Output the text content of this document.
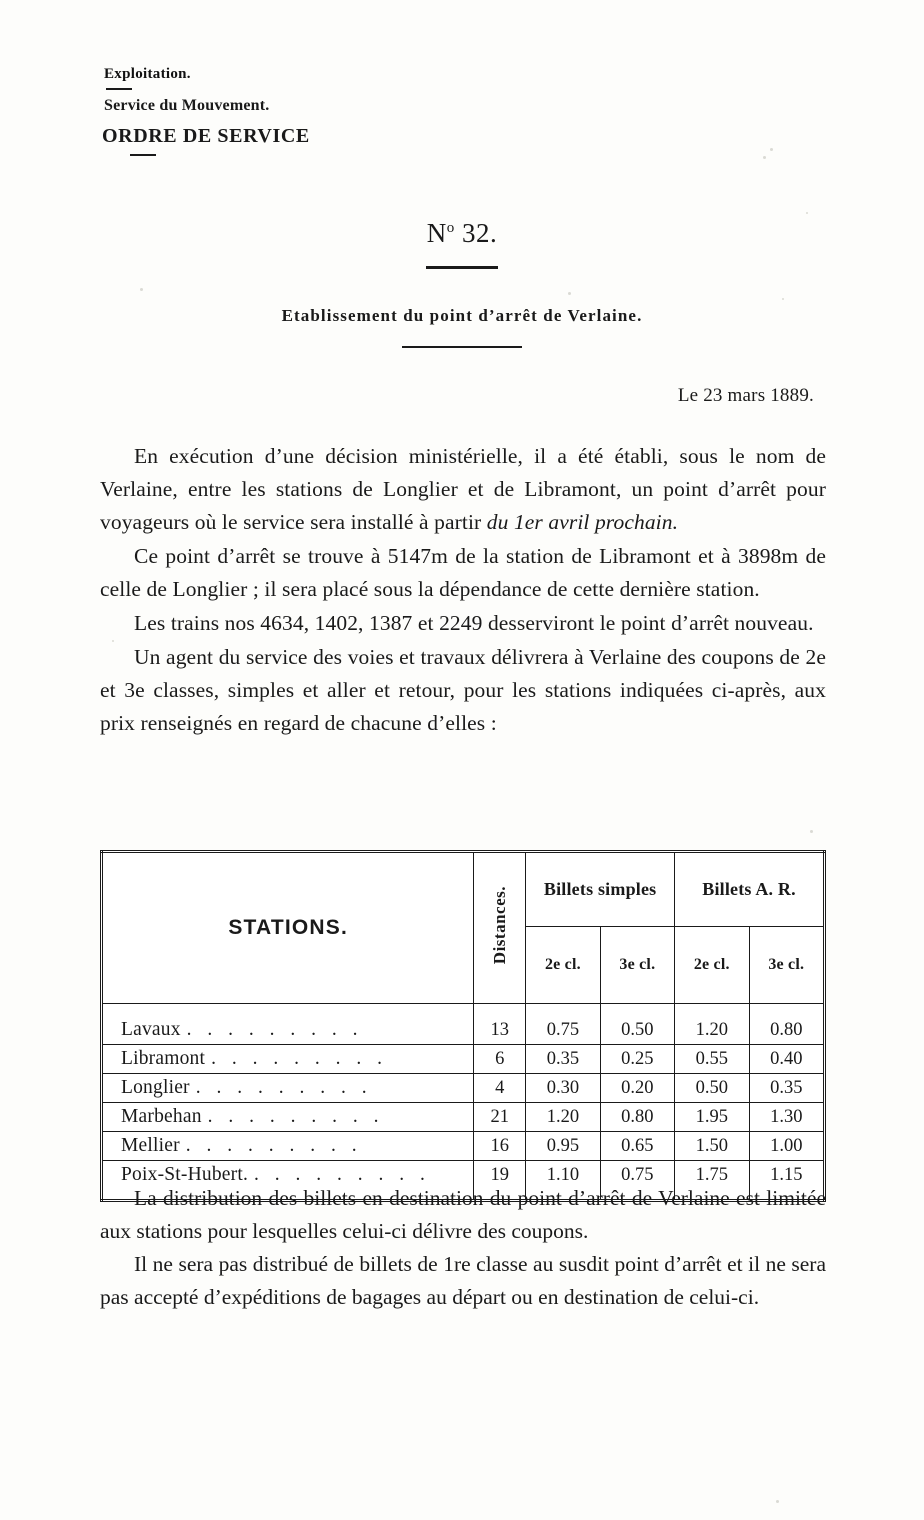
Exploitation.
Service du Mouvement.
ORDRE DE SERVICE
$N^o$ 32.
Etablissement du point d’arrêt de Verlaine.
Le 23 mars 1889.

En exécution d’une décision ministérielle, il a été établi, sous le nom de Verlaine, entre les stations de Longlier et de Libramont, un point d’arrêt pour voyageurs où le service sera installé à partir du 1er avril prochain.

Ce point d’arrêt se trouve à 5147m de la station de Libramont et à 3898m de celle de Longlier ; il sera placé sous la dépendance de cette dernière station.

Les trains nos 4634, 1402, 1387 et 2249 desserviront le point d’arrêt nouveau.

Un agent du service des voies et travaux délivrera à Verlaine des coupons de 2e et 3e classes, simples et aller et retour, pour les stations indiquées ci-après, aux prix renseignés en regard de chacune d’elles :

STATIONS.	Distances.	Billets simples		Billets A. R.	
		2e cl.	3e cl.	2e cl.	3e cl.
Lavaux . . . . . . . . .	13	0.75	0.50	1.20	0.80
Libramont . . . . . . . . .	6	0.35	0.25	0.55	0.40
Longlier . . . . . . . . .	4	0.30	0.20	0.50	0.35
Marbehan . . . . . . . . .	21	1.20	0.80	1.95	1.30
Mellier . . . . . . . . .	16	0.95	0.65	1.50	1.00
Poix-St-Hubert. . . . . . . . . .	19	1.10	0.75	1.75	1.15

La distribution des billets en destination du point d’arrêt de Verlaine est limitée aux stations pour lesquelles celui-ci délivre des coupons.

Il ne sera pas distribué de billets de 1re classe au susdit point d’arrêt et il ne sera pas accepté d’expéditions de bagages au départ ou en destination de celui-ci.
